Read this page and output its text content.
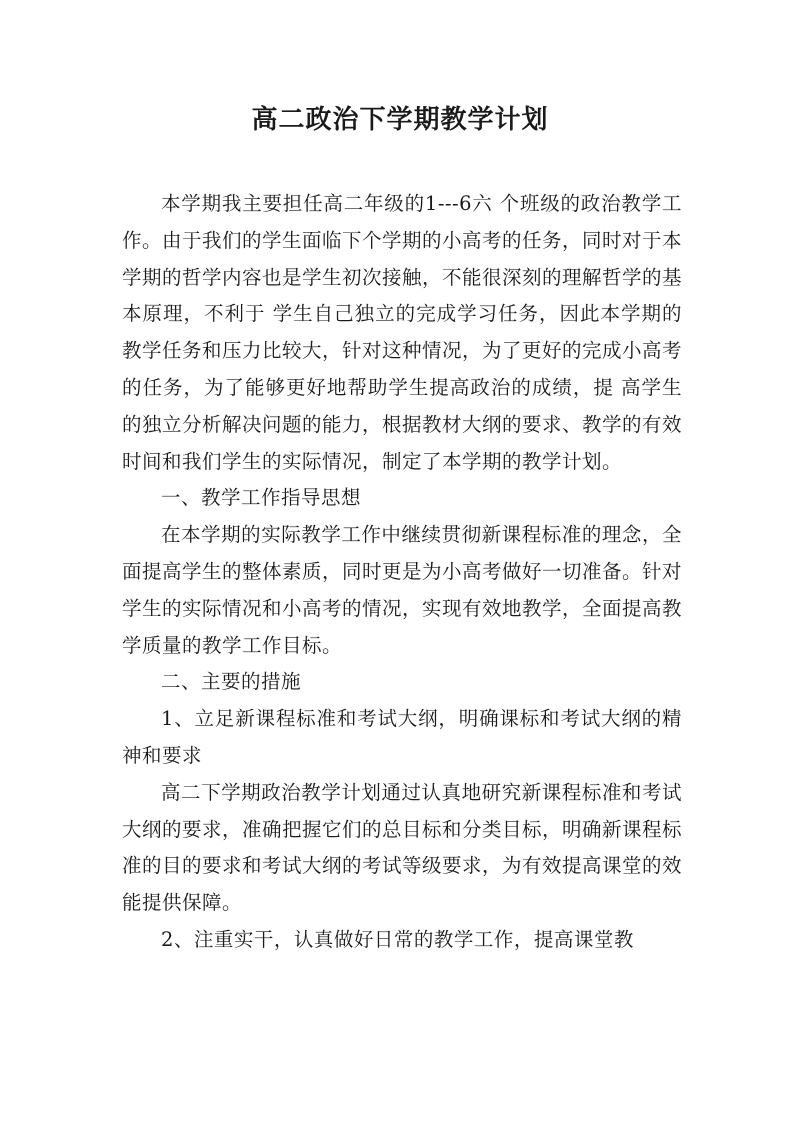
高二政治下学期教学计划

本学期我主要担任高二年级的1---6六 个班级的政治教学工作。由于我们的学生面临下个学期的小高考的任务，同时对于本学期的哲学内容也是学生初次接触，不能很深刻的理解哲学的基本原理，不利于 学生自己独立的完成学习任务，因此本学期的教学任务和压力比较大，针对这种情况，为了更好的完成小高考的任务，为了能够更好地帮助学生提高政治的成绩，提 高学生的独立分析解决问题的能力，根据教材大纲的要求、教学的有效时间和我们学生的实际情况，制定了本学期的教学计划。

一、教学工作指导思想

在本学期的实际教学工作中继续贯彻新课程标准的理念，全面提高学生的整体素质，同时更是为小高考做好一切准备。针对学生的实际情况和小高考的情况，实现有效地教学，全面提高教学质量的教学工作目标。

二、主要的措施

1、立足新课程标准和考试大纲，明确课标和考试大纲的精神和要求

高二下学期政治教学计划通过认真地研究新课程标准和考试大纲的要求，准确把握它们的总目标和分类目标，明确新课程标准的目的要求和考试大纲的考试等级要求，为有效提高课堂的效能提供保障。

2、注重实干，认真做好日常的教学工作，提高课堂教
